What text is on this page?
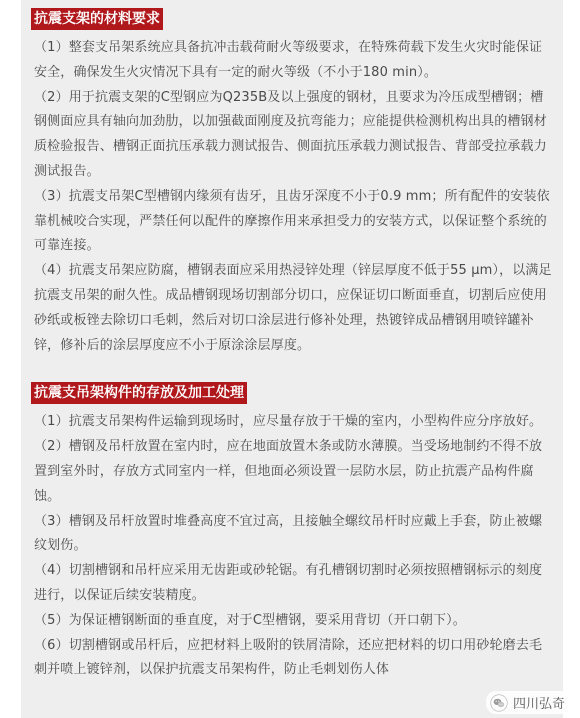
抗震支架的材料要求

（1）整套支吊架系统应具备抗冲击载荷耐火等级要求，在特殊荷载下发生火灾时能保证安全，确保发生火灾情况下具有一定的耐火等级（不小于180 min）。

（2）用于抗震支架的C型钢应为Q235B及以上强度的钢材，且要求为冷压成型槽钢；槽钢侧面应具有轴向加劲肋，以加强截面刚度及抗弯能力；应能提供检测机构出具的槽钢材质检验报告、槽钢正面抗压承载力测试报告、侧面抗压承载力测试报告、背部受拉承载力测试报告。

（3）抗震支吊架C型槽钢内缘须有齿牙，且齿牙深度不小于0.9 mm；所有配件的安装依靠机械咬合实现，严禁任何以配件的摩擦作用来承担受力的安装方式，以保证整个系统的可靠连接。

（4）抗震支吊架应防腐，槽钢表面应采用热浸锌处理（锌层厚度不低于55 μm），以满足抗震支吊架的耐久性。成品槽钢现场切割部分切口，应保证切口断面垂直，切割后应使用砂纸或板锉去除切口毛刺，然后对切口涂层进行修补处理，热镀锌成品槽钢用喷锌罐补锌，修补后的涂层厚度应不小于原涂涂层厚度。

抗震支吊架构件的存放及加工处理

（1）抗震支吊架构件运输到现场时，应尽量存放于干燥的室内，小型构件应分序放好。

（2）槽钢及吊杆放置在室内时，应在地面放置木条或防水薄膜。当受场地制约不得不放置到室外时，存放方式同室内一样，但地面必须设置一层防水层，防止抗震产品构件腐蚀。

（3）槽钢及吊杆放置时堆叠高度不宜过高，且接触全螺纹吊杆时应戴上手套，防止被螺纹划伤。

（4）切割槽钢和吊杆应采用无齿距或砂轮锯。有孔槽钢切割时必须按照槽钢标示的刻度进行，以保证后续安装精度。

（5）为保证槽钢断面的垂直度，对于C型槽钢，要采用背切（开口朝下）。

（6）切割槽钢或吊杆后，应把材料上吸附的铁屑清除，还应把材料的切口用砂轮磨去毛刺并喷上镀锌剂，以保护抗震支吊架构件，防止毛刺划伤人体

四川弘奇
